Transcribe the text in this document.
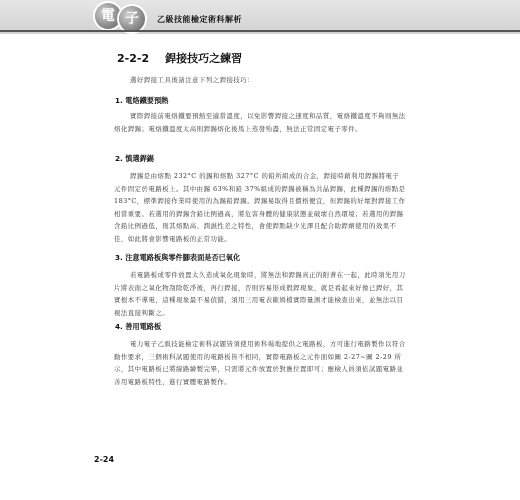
電 子	乙級技能檢定術科解析
2-2-2 銲接技巧之練習
選好銲接工具後請注意下列之銲接技巧：
1. 電烙鐵要預熱
實際銲接前電烙鐵要預熱至適當溫度，以免影響銲接之速度和品質，電烙鐵溫度不夠則無法熔化銲錫；電烙鐵溫度太高則銲錫熔化後馬上蒸發殆盡，無法正常固定電子零件。
2. 慎選銲錫
銲錫是由熔點 232°C 的錫和熔點 327°C 的鉛所組成的合金，銲接時藉利用銲錫將電子元件固定於電路板上。其中由錫 63%和鉛 37%組成的銲錫被稱為共晶銲錫，此種銲錫的熔點是 183°C，標準銲接作業時使用的為錫鉛銲錫。銲錫易取得且價格便宜，但銲錫的好壞對銲接工作相當重要。若選用的銲錫含鉛比例過高，將危害身體的健康狀態並破壞自然環境；若選用的銲錫含鉛比例過低，則其熔點高、潤濕性差之特性，會使銲點缺少光澤且配合助銲劑使用的效果不佳，如此將會影響電路板的正常功能。
3. 注意電路板與零件腳表面是否已氧化
若電路板或零件放置太久造成氧化現象時，將無法和銲錫真正的附著在一起，此時須先用刀片將表面之氧化物刮除乾淨後，再行銲接，否則容易形成假銲現象，就是看起來好像已銲好，其實根本不導電，這種現象最不易偵錯，須用三用電表歐姆檔實際量測才能檢查出來，並無法以目視法直接判斷之。
4. 善用電路板
電力電子乙級技能檢定術科試題皆須使用術科場地提供之電路板，方可進行電路製作以符合動作要求，三個術科試題使用的電路板皆不相同，實際電路板之元件面如圖 2-27~圖 2-29 所示，其中電路板已將線路繪製完畢，只需將元件放置於對應位置即可；應檢人員須依試題電路並善用電路板特性，進行實體電路製作。
2-24
